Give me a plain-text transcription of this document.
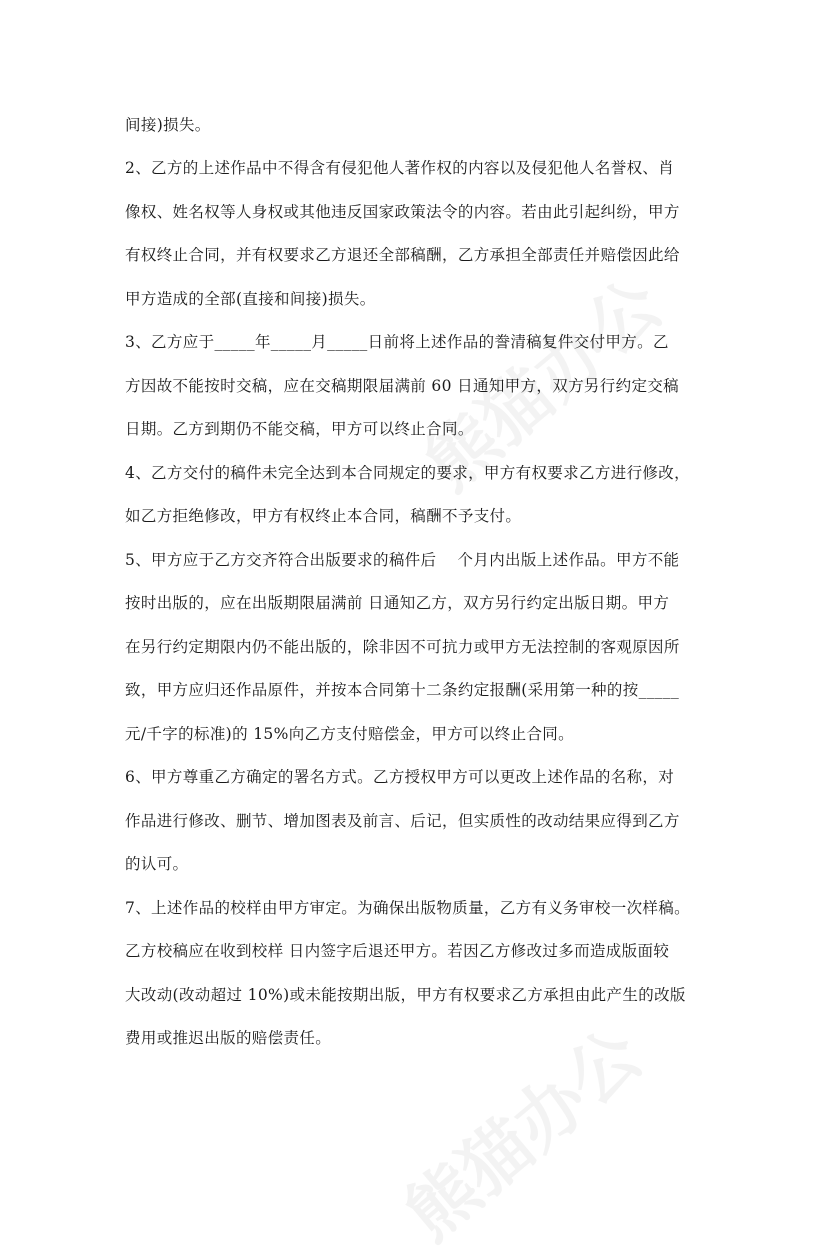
间接)损失。
2、乙方的上述作品中不得含有侵犯他人著作权的内容以及侵犯他人名誉权、肖
像权、姓名权等人身权或其他违反国家政策法令的内容。若由此引起纠纷，甲方
有权终止合同，并有权要求乙方退还全部稿酬，乙方承担全部责任并赔偿因此给
甲方造成的全部(直接和间接)损失。
3、乙方应于_____年_____月_____日前将上述作品的誊清稿复件交付甲方。乙
方因故不能按时交稿，应在交稿期限届满前 60 日通知甲方，双方另行约定交稿
日期。乙方到期仍不能交稿，甲方可以终止合同。
4、乙方交付的稿件未完全达到本合同规定的要求，甲方有权要求乙方进行修改，
如乙方拒绝修改，甲方有权终止本合同，稿酬不予支付。
5、甲方应于乙方交齐符合出版要求的稿件后　 个月内出版上述作品。甲方不能
按时出版的，应在出版期限届满前 日通知乙方，双方另行约定出版日期。甲方
在另行约定期限内仍不能出版的，除非因不可抗力或甲方无法控制的客观原因所
致，甲方应归还作品原件，并按本合同第十二条约定报酬(采用第一种的按_____
元/千字的标准)的 15%向乙方支付赔偿金，甲方可以终止合同。
6、甲方尊重乙方确定的署名方式。乙方授权甲方可以更改上述作品的名称，对
作品进行修改、删节、增加图表及前言、后记，但实质性的改动结果应得到乙方
的认可。
7、上述作品的校样由甲方审定。为确保出版物质量，乙方有义务审校一次样稿。
乙方校稿应在收到校样 日内签字后退还甲方。若因乙方修改过多而造成版面较
大改动(改动超过 10%)或未能按期出版，甲方有权要求乙方承担由此产生的改版
费用或推迟出版的赔偿责任。
